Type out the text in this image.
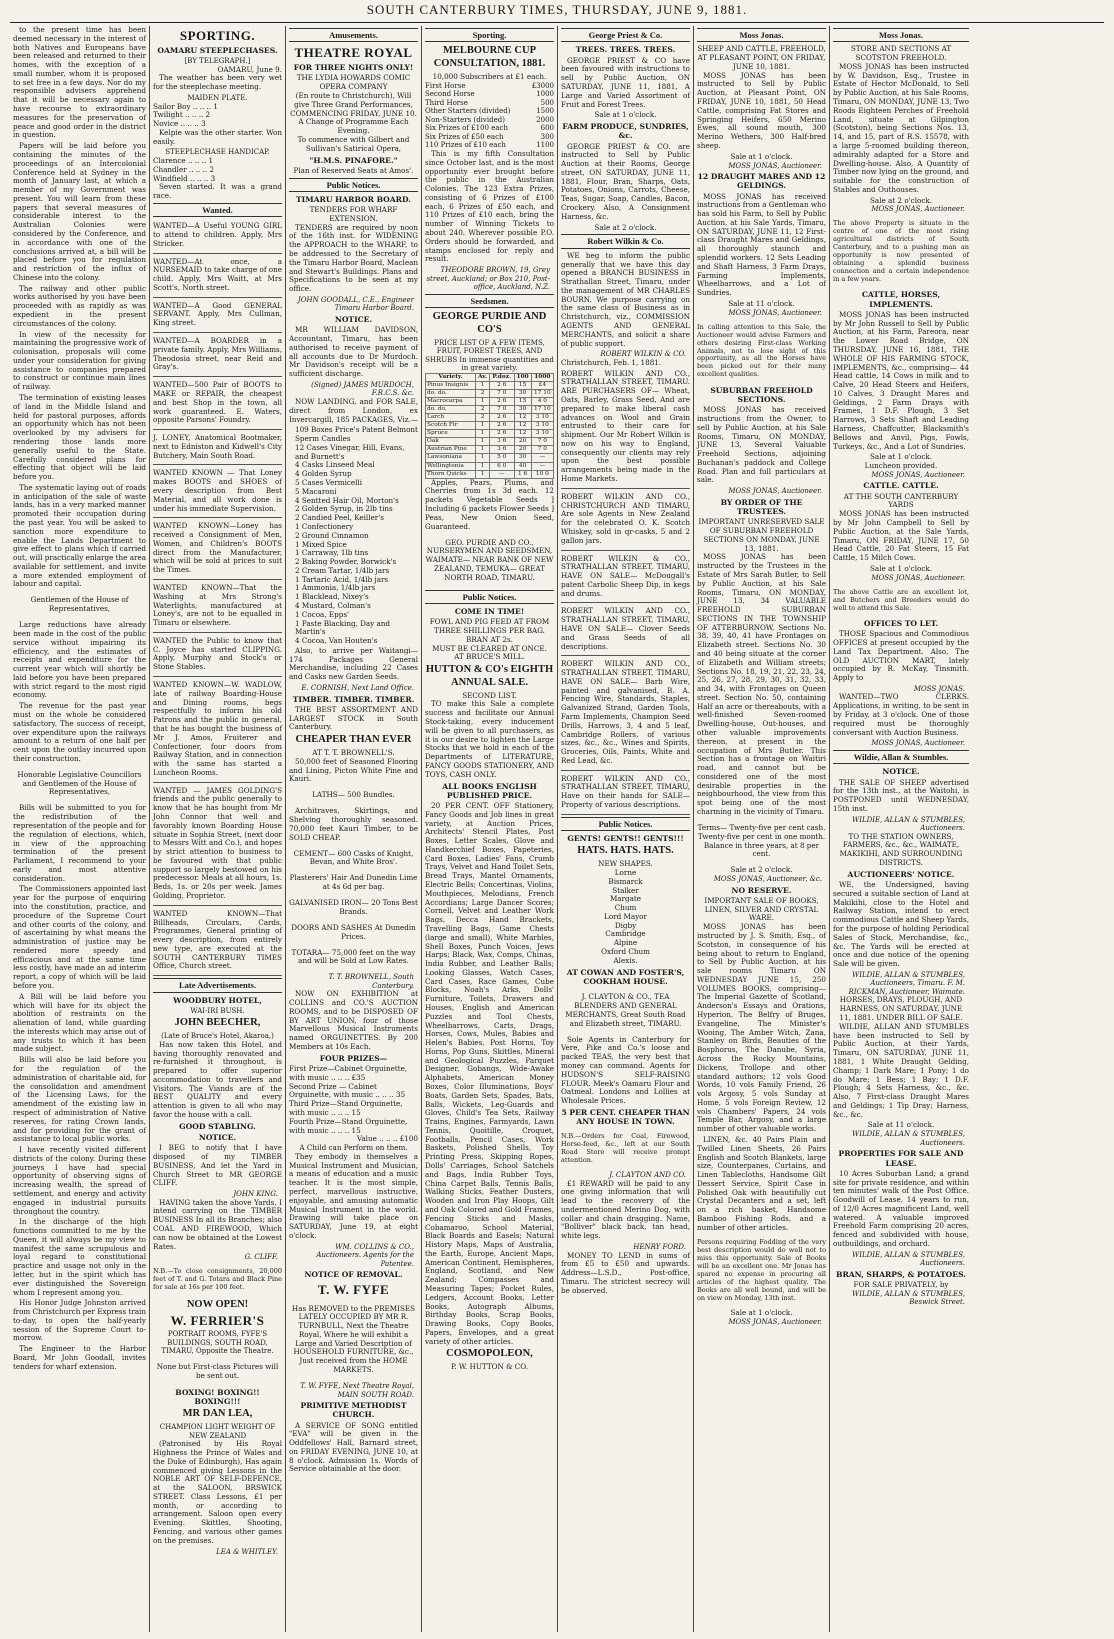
SOUTH CANTERBURY TIMES, THURSDAY, JUNE 9, 1881.

to the present time has been deemed necessary in the interest of both Natives and Europeans have been released and returned to their homes, with the exception of a small number, whom it is proposed to set free in a few days. Nor do my responsible advisers apprehend that it will be necessary again to have recourse to extraordinary measures for the preservation of peace and good order in the district in question.

Papers will be laid before you containing the minutes of the proceedings of an Intercolonial Conference held at Sydney in the month of January last, at which a member of my Government was present. You will learn from these papers that several measures of considerable interest to the Australian Colonies were considered by the Conference, and in accordance with one of the conclusions arrived at, a bill will be placed before you for regulation and restriction of the influx of Chinese into the colony.

The railway and other public works authorised by you have been proceeded with as rapidly as was expedient in the present circumstances of the colony.

In view of the necessity for maintaining the progressive work of colonisation, proposals will come under your consideration for giving assistance to companies prepared to construct or continue main lines of railway.

The termination of existing leases of land in the Middle Island and held for pastoral purposes, affords an opportunity which has not been overlooked by my advisers for rendering those lands more generally useful to the State. Carefully considered plans for effecting that object will be laid before you.

The systematic laying out of roads in anticipation of the sale of waste lands, has in a very marked manner promoted their occupation during the past year. You will be asked to sanction more expenditure to enable the Lands Department to give effect to plans which if carried out, will practically enlarge the area available for settlement, and invite a more extended employment of labour and capital.

Gentlemen of the House of Representatives,

Large reductions have already been made in the cost of the public service without impairing its efficiency, and the estimates of receipts and expenditure for the current year which will shortly be laid before you have been prepared with strict regard to the most rigid economy.

The revenue for the past year must on the whole be considered satisfactory. The success of receipt, over expenditure upon the railways amount to a return of one half per cent upon the outlay incurred upon their construction.

Honorable Legislative Councillors and Gentlemen of the House of Representatives,

Bills will be submitted to you for the redistribution of the representation of the people and for the regulation of elections, which, in view of the approaching termination of the present Parliament, I recommend to your early and most attentive consideration.

The Commissioners appointed last year for the purpose of enquiring into the constitution, practice, and procedure of the Supreme Court and other courts of the colony, and of ascertaining by what means the administration of justice may be rendered more speedy and efficacious and at the same time less costly, have made an ad interim report, a copy of which will be laid before you.

A Bill will be laid before you which will have for its object the abolition of restraints on the alienation of land, while guarding the interests which may arise out of any trusts to which it has been made subject.

Bills will also be laid before you for the regulation of the administration of charitable aid, for the consolidation and amendment of the Licensing Laws, for the amendment of the existing law in respect of administration of Native reserves, for rating Crown lands, and for providing for the grant of assistance to local public works.

I have recently visited different districts of the colony. During these journeys I have had special opportunity of observing signs of increasing wealth, the spread of settlement, and energy and activity engaged in industrial pursuits throughout the country.

In the discharge of the high functions committed to me by the Queen, it will always be my view to manifest the same scrupulous and loyal regard to constitutional practice and usage not only in the letter, but in the spirit which has ever distinguished the Sovereign whom I represent among you.

His Honor Judge Johnston arrived from Christchurch per Express train to-day, to open the half-yearly session of the Supreme Court to-morrow.

The Engineer to the Harbor Board, Mr John Goodall, invites tenders for wharf extension.

SPORTING.
OAMARU STEEPLECHASES.
[BY TELEGRAPH.]
OAMARU, June 9.

The weather has been very wet for the steeplechase meeting.

MAIDEN PLATE.
Sailor Boy .. .. .. 1
Twilight .. .. .. 2
Novice .. .. .. 3

Kelpie was the other starter. Won easily.

STEEPLECHASE HANDICAP.
Clarence .. .. .. 1
Chandler .. .. .. 2
Windfield .. .. .. 3

Seven started. It was a grand race.

Wanted.

WANTED—A Useful YOUNG GIRL to attend to children. Apply, Mrs Stricker.

WANTED—At once, a NURSEMAID to take charge of one child. Apply, Mrs Waitt, at Mrs Scott's, North street.

WANTED—A Good GENERAL SERVANT. Apply, Mrs Cullman, King street.

WANTED—A BOARDER in a private family. Apply, Mrs Williams, Theodosia street, near Reid and Gray's.

WANTED—500 Pair of BOOTS to MAKE or REPAIR, the cheapest and best Shop in the town, all work guaranteed. E. Waters, opposite Parsons' Foundry.

J. LONEY, Anatomical Bootmaker, next to Edniston and Kidwell's City Butchery, Main South Road.

WANTED KNOWN — That Loney makes BOOTS and SHOES of every description from Best Material, and all work done is under his immediate Supervision.

WANTED KNOWN—Loney has received a Consignment of Men, Women, and Children's BOOTS direct from the Manufacturer, which will be sold at prices to suit the Times.

WANTED KNOWN—That the Washing at Mrs Strong's Waterlights, manufactured at Loney's, are not to be equalled in Timaru or elsewhere.

WANTED the Public to know that C. Joyce has started CLIPPING. Apply, Murphy and Stock's or Stone Stables.

WANTED KNOWN—W. WADLOW, late of railway Boarding-House and Dining rooms, begs respectfully to inform his old Patrons and the public in general, that he has bought the business of Mr J. Amos, Fruiterer and Confectioner, four doors from Railway Station, and in connection with the same has started a Luncheon Rooms.

WANTED — JAMES GOLDING'S friends and the public generally to know that he has bought from Mr John Connor that well and favorably known Boarding House situate in Sophia Street, (next door to Messrs Witt and Co.), and hopes by strict attention to business to be favoured with that public support so largely bestowed on his predecessor. Meals at all hours, 1s. Beds, 1s. or 20s per week. James Golding, Proprietor.

WANTED KNOWN—That Billheads, Circulars, Cards, Programmes, General printing of every description, from entirely new type, are executed at the SOUTH CANTERBURY TIMES Office, Church street.

Late Advertisements.
WOODBURY HOTEL,
WAI-IRI BUSH.
JOHN BEECHER,
(Late of Bruce's Hotel, Akaroa,)

Has now taken this Hotel, and having thoroughly renovated and re-furnished it throughout, is prepared to offer superior accommodation to travellers and Visitors. The Viands are of the BEST QUALITY and every attention is given to all who may favor the house with a call.

GOOD STABLING.
NOTICE.

I BEG to notify that I have disposed of my TIMBER BUSINESS, And let the Yard in Church Street to MR GEORGE CLIFF.

JOHN KING.

HAVING taken the above Yards, I intend carrying on the TIMBER BUSINESS In all its Branches; also COAL AND FIREWOOD, Which can now be obtained at the Lowest Rates.

G. CLIFF.

N.B.—To close consignments, 20,000 feet of T. and G. Totara and Black Pine for sale at 16s per 100 feet.

NOW OPEN!
W. FERRIER'S
PORTRAIT ROOMS, FYFE'S BUILDINGS, SOUTH ROAD, TIMARU, Opposite the Theatre.

None but First-class Pictures will be sent out.

BOXING! BOXING!! BOXING!!!
MR DAN LEA,
CHAMPION LIGHT WEIGHT OF NEW ZEALAND

(Patronised by His Royal Highness the Prince of Wales and the Duke of Edinburgh), Has again commenced giving Lessons in the NOBLE ART OF SELF-DEFENCE, at the SALOON, BRSWICK STREET. Class Lessons, £1 per month, or according to arrangement. Saloon open every Evening. Skittles, Shooting, Fencing, and various other games on the premises.

LEA & WHITLEY.
Amusements.
THEATRE ROYAL
FOR THREE NIGHTS ONLY!
THE LYDIA HOWARDS COMIC OPERA COMPANY
(En route to Christchurch), Will give Three Grand Performances, COMMENCING FRIDAY, JUNE 10.
A Change of Programme Each Evening.
To commence with Gilbert and Sullivan's Satirical Opera,
"H.M.S. PINAFORE."
Plan of Reserved Seats at Amos'.
Public Notices.
TIMARU HARBOR BOARD.
TENDERS FOR WHARF EXTENSION.

TENDERS are required by noon of the 16th inst. for WIDENING the APPROACH to the WHARF, to be addressed to the Secretary of the Timaru Harbor Board, Maclean and Stewart's Buildings. Plans and Specifications to be seen at my office.

JOHN GOODALL, C.E., Engineer Timaru Harbor Board.
NOTICE.

MR WILLIAM DAVIDSON, Accountant, Timaru, has been authorised to receive payment of all accounts due to Dr Murdoch. Mr Davidson's receipt will be a sufficient discharge.

(Signed) JAMES MURDOCH, F.R.C.S. &c.

NOW LANDING, and FOR SALE, direct from London, ex Invercargill, 185 PACKAGES, Viz.—

109 Boxes Price's Patent Belmont Sperm Candles
12 Cases Vinegar, Hill, Evans, and Burnett's
4 Casks Linseed Meal
4 Golden Syrup
5 Cases Vermicelli
5 Macaroni
4 Sentted Hair Oil, Morton's
2 Golden Syrup, in 2lb tins
2 Candied Peel, Keiller's
1 Confectionery
2 Ground Cinnamon
1 Mixed Spice
1 Carraway, 1lb tins
2 Baking Powder, Borwick's
2 Cream Tartar, 1/4lb jars
1 Tartaric Acid, 1/4lb jars
1 Ammonia, 1/4lb jars
1 Blacklead, Nixey's
4 Mustard, Colman's
1 Cocoa, Epps'
1 Paste Blacking, Day and Martin's
4 Cocoa, Van Houten's

Also, to arrive per Waitangi— 174 Packages General Merchandise, including 22 Cases and Casks new Garden Seeds.

E. CORNISH, Next Land Office.
TIMBER. TIMBER. TIMBER.

THE BEST ASSORTMENT AND LARGEST STOCK in South Canterbury.

CHEAPER THAN EVER
AT T. T. BROWNELL'S.

50,000 feet of Seasoned Flooring and Lining, Picton White Pine and Kauri.

LATHS— 500 Bundles.

Architraves, Skirtings, and Shelving thoroughly seasoned. 70,000 feet Kauri Timber, to be SOLD CHEAP.

CEMENT— 600 Casks of Knight, Bevan, and White Bros'.

Plasterers' Hair And Dunedin Lime at 4s 6d per bag.

GALVANISED IRON— 20 Tons Best Brands.

DOORS AND SASHES At Dunedin Prices.

TOTARA— 75,000 feet on the way and will be Sold at Low Rates.

T. T. BROWNELL, South Canterbury.

NOW ON EXHIBITION at COLLINS and CO.'S AUCTION ROOMS, and to be DISPOSED OF BY ART UNION, four of those Marvellous Musical Instruments named ORGUINETTES. By 200 Members at 10s Each.

FOUR PRIZES—
First Prize—Cabinet Orguinette, with music .. .. .. £35
Second Prize — Cabinet Orguinette, with music .. .. .. 35
Third Prize—Stand Orguinette, with music .. .. .. 15
Fourth Prize—Stand Orguinette, with music .. .. .. 15
Value .. .. .. £100
A Child can Perform on them.

They embody in themselves a Musical Instrument and Musician, a means of education and a music teacher. It is the most simple, perfect, marvellous instructive, enjoyable, and amusing automatic Musical Instrument in the world. Drawing will take place on SATURDAY, June 19, at eight o'clock.

WM. COLLINS & CO., Auctioneers. Agents for the Patentee.
NOTICE OF REMOVAL.
T. W. FYFE

Has REMOVED to the PREMISES LATELY OCCUPIED BY MR R. TURNBULL, Next the Theatre Royal, Where he will exhibit a Large and Varied Description of HOUSEHOLD FURNITURE, &c., Just received from the HOME MARKETS.

T. W. FYFE, Next Theatre Royal, MAIN SOUTH ROAD.
PRIMITIVE METHODIST CHURCH.

A SERVICE OF SONG entitled "EVA" will be given in the Oddfellows' Hall, Barnard street, on FRIDAY EVENING, JUNE 10, at 8 o'clock. Admission 1s. Words of Service obtainable at the door.

Sporting.
MELBOURNE CUP CONSULTATION, 1881.
10,000 Subscribers at £1 each.
First Horse	£3000
Second Horse	1000
Third Horse	500
Other Starters (divided)	1500
Non-Starters (divided)	2000
Six Prizes of £100 each	600
Six Prizes of £50 each	300
110 Prizes of £10 each	1100

This is my fifth Consultation since October last, and is the most opportunity ever brought before the public in the Australian Colonies. The 123 Extra Prizes, consisting of 6 Prizes of £100 each, 6 Prizes of £50 each, and 110 Prizes of £10 each, bring the number of Winning Tickets to about 240. Wherever possible P.O. Orders should be forwarded, and stamps enclosed for reply and result.

THEODORE BROWN, 19, Grey street, Auckland; or Box 210, Post-office, Auckland, N.Z.
Seedsmen.
GEORGE PURDIE AND CO'S
PRICE LIST OF A FEW ITEMS, FRUIT, FOREST TREES, AND SHRUBS In immense quantities and in great variety.
Variety.	Av.	P.doz.	100	1000
Pinus Insignis	1	2 6	15	£4
do. do.	2	7 0	30	17 10
Macrocarpa	1	2 6	15	4 0
do. do.	2	7 0	30	17 10
Larch	2	2 6	12	3 10
Scotch Fir	1	2 6	12	3 10
Spruce	1	2 6	12	3 10
Oak	1	3 6	20	7 0
Austrian Pine	1	3 6	20	7 0
Lawsoniana	1	5 0	30	—
Wellingtonia	1	6 0	40	—
Thorn Quicks	1	—	1 6	10 0

Apples, Pears, Plums, and Cherries from 1s 3d each. 12 packets Vegetable Seeds ] Including 6 packets Flower Seeds ] Peas, New Onion Seed, Guaranteed.

GEO. PURDIE AND CO., NURSERYMEN AND SEEDSMEN, WAIMATE— NEAR BANK OF NEW ZEALAND, TEMUKA— GREAT NORTH ROAD, TIMARU.

Public Notices.
COME IN TIME!
FOWL AND PIG FEED AT FROM THREE SHILLINGS PER BAG.
BRAN AT 2s.
MUST BE CLEARED AT ONCE.
AT BRUCE'S MILL.
HUTTON & CO's EIGHTH ANNUAL SALE.
SECOND LIST.

TO make this Sale a complete success and facilitate our Annual Stock-taking, every inducement will be given to all purchasers, as it is our desire to lighten the Large Stocks that we hold in each of the Departments of LITERATURE, FANCY GOODS STATIONERY, AND TOYS, CASH ONLY.

ALL BOOKS ENGLISH PUBLISHED PRICE.

20 PER CENT. OFF Stationery, Fancy Goods and Job lines in great variety, at Auction Prices, Architects' Stencil Plates, Post Boxes, Letter Scales, Glove and Handkerchief Boxes, Papeteries, Card Boxes, Ladies' Fans, Crumb Trays, Velvet and Hand Toilet Sets, Bread Trays, Mantel Ornaments, Electric Bells; Concertinas, Violins, Mouthpieces, Melodians, French Accordians; Large Dancer Scores; Cornell, Velvet and Leather Work Bags, Decca Hand Brackets, Travelling Bags, Game Chests (large and small), White Marbles, Shell Boxes, Punch Voices, Jews Harps; Black, Wax, Comps, Chinas, India Rubber, and Leather Balls; Looking Glasses, Watch Cases, Card Cases, Race Games, Cube Blocks, Noah's Arks, Dolls' Furniture, Toilets, Drawers and Houses, English and American Puzzles and Tool Chests, Wheelbarrows, Carts, Drags, Horses, Cows, Mules, Babies and Helen's Babies, Post Horns, Toy Horns, Pop Guns, Skittles, Mineral and Geological Puzzles, Parquet Designer, Gobangs, Wide-Awake Alphabets, American Money Boxes, Color Illuminations, Boys' Boats, Garden Sets, Spades, Bats, Balls, Wickets, Leg-Guards and Gloves, Child's Tea Sets, Railway Trains, Engines, Farmyards, Lawn Tennis, Quoitille, Croquet, Footballs, Pencil Cases, Work Baskets, Polished Shells, Toy Printing Press, Skipping Ropes, Dolls' Carriages, School Satchels and Bags, India Rubber Toys, China Carpet Balls, Tennis Balls, Walking Sticks, Feather Dusters, Wooden and Iron Play Hoops, Gilt and Oak Colored and Gold Frames, Fencing Sticks and Masks, Cobamaroo, School Material, Black Boards and Easels; Natural History Maps, Maps of Australia, the Earth, Europe, Ancient Maps, American Continent, Hemispheres, England, Scotland, and New Zealand; Compasses and Measuring Tapes; Pocket Rules, Ledgers, Account Books, Letter Books, Autograph Albums, Birthday Books, Scrap Books, Drawing Books, Copy Books, Papers, Envelopes, and a great variety of other articles.

COSMOPOLEON,
P. W. HUTTON & CO.
George Priest & Co.
TREES. TREES. TREES.

GEORGE PRIEST & CO have been favoured with instructions to sell by Public Auction, ON SATURDAY, JUNE 11, 1881, A Large and Varied Assortment of Fruit and Forest Trees.

Sale at 1 o'clock.
FARM PRODUCE, SUNDRIES, &c.

GEORGE PRIEST & CO. are instructed to Sell by Public Auction at their Rooms, George street, ON SATURDAY, JUNE 11, 1881, Flour, Bran, Sharps, Oats, Potatoes, Onions, Carrots, Cheese, Teas, Sugar, Soap, Candles, Bacon, Crockery. Also, A Consignment Harness, &c.

Sale at 2 o'clock.
Robert Wilkin & Co.

WE beg to inform the public generally that we have this day opened a BRANCH BUSINESS in Strathallan Street, Timaru, under the management of MR CHARLES BOURN. We purpose carrying on the same class of Business as in Christchurch, viz., COMMISSION AGENTS AND GENERAL MERCHANTS, and solicit a share of public support.

ROBERT WILKIN & CO.
Christchurch, Feb. 1, 1881.

ROBERT WILKIN AND CO., STRATHALLAN STREET, TIMARU. ARE PURCHASERS OF— Wheat, Oats, Barley, Grass Seed, And are prepared to make liberal cash advances on Wool and Grain entrusted to their care for shipment. Our Mr Robert Wilkin is now on his way to England, consequently our clients may rely upon the best possible arrangements being made in the Home Markets.

ROBERT WILKIN AND CO., CHRISTCHURCH AND TIMARU, Are sole Agents in New Zealand for the celebrated O. K. Scotch Whiskey, sold in qr-casks, 5 and 2 gallon jars.

ROBERT WILKIN & CO., STRATHALLAN STREET, TIMARU, HAVE ON SALE— McDougall's patent Carbolic Sheep Dip, in kegs and drums.

ROBERT WILKIN AND CO., STRATHALLAN STREET, TIMARU, HAVE ON SALE— Clover Seeds and Grass Seeds of all descriptions.

ROBERT WILKIN AND CO., STRATHALLAN STREET, TIMARU, HAVE ON SALE— Barb Wire, painted and galvanised, B. A. Fencing Wire, Standards, Staples, Galvanized Strand, Garden Tools, Farm Implements, Champion Seed Drills, Harrows, 3, 4 and 5 leaf, Cambridge Rollers, of various sizes, &c., &c., Wines and Spirits, Groceries, Oils, Paints, White and Red Lead, &c.

ROBERT WILKIN AND CO., STRATHALLAN STREET, TIMARU, Have on their hands for SALE— Property of various descriptions.

Public Notices.
GENTS! GENTS!! GENTS!!!
HATS. HATS. HATS.
NEW SHAPES.
Lorne
Bismarck
Stalker
Margate
Chum
Lord Mayor
Digby
Cambridge
Alpine
Oxford Chum
Alexis.
AT COWAN AND FOSTER'S, COOKHAM HOUSE.

J. CLAYTON & CO., TEA BLENDERS AND GENERAL MERCHANTS, Great South Road and Elizabeth street, TIMARU.

Sole Agents in Canterbury for Vere, Pike and Co.'s loose and packed TEAS, the very best that money can command. Agents for HUDSON'S SELF-RAISING FLOUR. Meek's Oamaru Flour and Oatmeal. Londons and Lollies at Wholesale Prices.

5 PER CENT. CHEAPER THAN ANY HOUSE IN TOWN.

N.B.—Orders for Coal, Firewood, Horse-feed, &c., left at our South Road Store will receive prompt attention.

J. CLAYTON AND CO.

£1 REWARD will be paid to any one giving information that will lead to the recovery of the undermentioned Merino Dog, with collar and chain dragging. Name, "Bolliver" black back, tan head, white legs.

HENRY FORD.

MONEY TO LEND in sums of from £5 to £50 and upwards. Address—L.S.D., Post-office, Timaru. The strictest secrecy will be observed.

Moss Jonas.
SHEEP AND CATTLE, FREEHOLD, AT PLEASANT POINT, ON FRIDAY, JUNE 10, 1881.

MOSS JONAS has been instructed to Sell by Public Auction, at Pleasant Point, ON FRIDAY, JUNE 10, 1881, 50 Head Cattle, comprising Fat Stores and Springing Heifers, 650 Merino Ewes, all sound mouth, 300 Merino Wethers, 300 Half-bred sheep.

Sale at 1 o'clock.
MOSS JONAS, Auctioneer.
12 DRAUGHT MARES AND 12 GELDINGS.

MOSS JONAS has received instructions from a Gentleman who has sold his Farm, to Sell by Public Auction, at his Sale Yards, Timaru, ON SATURDAY, JUNE 11, 12 First-class Draught Mares and Geldings, all thoroughly staunch and splendid workers. 12 Sets Leading and Shaft Harness, 3 Farm Drays, Farming Implements, Wheelbarrows, and a Lot of Sundries.

Sale at 11 o'clock.
MOSS JONAS, Auctioneer.

In calling attention to this Sale, the Auctioneer would advise Farmers and others desiring First-class Working Animals, not to lose sight of this opportunity, as all the Horses have been picked out for their many excellent qualities.

SUBURBAN FREEHOLD SECTIONS.

MOSS JONAS has received instructions from the Owner, to sell by Public Auction, at his Sale Rooms, Timaru, ON MONDAY, JUNE 13, Several Valuable Freehold Sections, adjoining Buchanan's paddock and College Road. Plan and full particulars at sale.

MOSS JONAS, Auctioneer.
BY ORDER OF THE TRUSTEES.
IMPORTANT UNRESERVED SALE OF SUBURBAN FREEHOLD SECTIONS ON MONDAY, JUNE 13, 1881.

MOSS JONAS has been instructed by the Trustees in the Estate of Mrs Sarah Butler, to Sell by Public Auction, at his Sale Rooms, Timaru, ON MONDAY, JUNE 13, 34 VALUABLE FREEHOLD SUBURBAN SECTIONS IN THE TOWNSHIP OF ATTERBURNOW, Sections No. 38, 39, 40, 41 have Frontages on Elizabeth street. Sections No. 30 and 40 being situate at the corner of Elizabeth and William streets; Sections No. 18, 19, 21, 22, 23, 24, 25, 26, 27, 28, 29, 30, 31, 32, 33, and 34, with Frontages on Queen street. Section No. 50, containing Half an acre or thereabouts, with a well-finished Seven-roomed Dwelling-house, Out-houses, and other valuable improvements thereon, at present in the occupation of Mrs Butler. This Section has a frontage on Waitiri road, and cannot but be considered one of the most desirable properties in the neighbourhood, the view from this spot being one of the most charming in the vicinity of Timaru.

Terms— Twenty-five per cent cash. Twenty-five per cent in one month. Balance in three years, at 8 per cent.

Sale at 2 o'clock.
MOSS JONAS, Auctioneer, &c.
NO RESERVE.
IMPORTANT SALE OF BOOKS, LINEN, SILVER AND CRYSTAL WARE.

MOSS JONAS has been instructed by J. S. Smith, Esq., of Scotston, in consequence of his being about to return to England, to Sell by Public Auction, at his sale rooms Timaru ON WEDNESDAY JUNE 15, 250 VOLUMES BOOKS, comprising— The Imperial Gazette of Scotland, Anderson's Essays and Orations, Hyperion, The Belfry of Bruges, Evangeline, The Minister's Wooing, The Amber Witch, Zana, Stanley on Birds, Beauties of the Bosphorus, The Danube, Syria, Across the Rocky Mountains, Dickens, Trollope and other standard authors; 12 vols Good Words, 10 vols Family Friend, 26 vols Argosy, 5 vols Sunday at Home, 5 vols Foreign Review, 12 vols Chambers' Papers, 24 vols Temple Bar, Argosy, and a large number of other valuable works.

LINEN, &c. 40 Pairs Plain and Twilled Linen Sheets, 26 Pairs English and Scotch Blankets, large size, Counterpanes, Curtains, and Linen Tablecloths, Handsome Gilt Dessert Service, Spirit Case in Polished Oak with beautifully cut Crystal Decanters and a set, left on a rich basket, Handsome Bamboo Fishing Rods, and a number of other articles.

Persons requiring Fodding of the very best description would do well not to miss this opportunity. Sale of Books will be an excellent one. Mr Jonas has spared no expense in procuring all articles of the highest quality. The Books are all well bound, and will be on view on Monday, 13th inst.

Sale at 1 o'clock.
MOSS JONAS, Auctioneer.
Moss Jonas.
STORE AND SECTIONS AT SCOTSTON FREEHOLD.

MOSS JONAS has been instructed by W. Davidson, Esq., Trustee in Estate of Hector McDonald, to Sell by Public Auction, at his Sale Rooms, Timaru, ON MONDAY, JUNE 13, Two Roods Eighteen Perches of Freehold Land, situate at Gilpington (Scotston), being Sections Nos. 13, 14, and 15, part of R.S. 15578, with a large 5-roomed building thereon, admirably adapted for a Store and Dwelling-house. Also, A Quantity of Timber now lying on the ground, and suitable for the construction of Stables and Outhouses.

Sale at 2 o'clock.
MOSS JONAS, Auctioneer.

The above Property is situate in the centre of one of the most rising agricultural districts of South Canterbury, and to a pushing man an opportunity is now presented of obtaining a splendid business connection and a certain independence in a few years.

CATTLE, HORSES, IMPLEMENTS.

MOSS JONAS has been instructed by Mr John Russell to Sell by Public Auction, at his Farm, Pareora, near the Lower Road Bridge, ON THURSDAY, JUNE 16, 1881, THE WHOLE OF HIS FARMING STOCK, IMPLEMENTS, &c., comprising— 44 Head cattle, 14 Cows in milk and to Calve, 20 Head Steers and Heifers, 10 Calves, 3 Draught Mares and Geldings, 2 Farm Drays with Frames, 1 D.F. Plough, 3 Set Harrows, 3 Sets Shaft and Leading Harness, Chaffcutter, Blacksmith's Bellows and Anvil, Pigs, Fowls, Turkeys, &c., And a Lot of Sundries.

Sale at 1 o'clock.
Luncheon provided.
MOSS JONAS, Auctioneer.
CATTLE. CATTLE.
AT THE SOUTH CANTERBURY YARDS

MOSS JONAS has been instructed by Mr John Campbell to Sell by Public Auction, at the Sale Yards, Timaru, ON FRIDAY, JUNE 17, 50 Head Cattle, 20 Fat Steers, 15 Fat Cattle, 15 Milch Cows.

Sale at 1 o'clock.
MOSS JONAS, Auctioneer.

The above Cattle are an excellent lot, and Butchers and Breeders would do well to attend this Sale.

OFFICES TO LET.

THOSE Spacious and Commodious OFFICES at present occupied by the Land Tax Department. Also, The OLD AUCTION MART, lately occupied by R. McKay, Tinsmith. Apply to

MOSS JONAS.

WANTED—TWO CLERKS. Applications, in writing, to be sent in by Friday, at 3 o'clock. One of those required must be thoroughly conversant with Auction Business.

MOSS JONAS, Auctioneer.
Wildie, Allan & Stumbles.
NOTICE.

THE SALE OF SHEEP advertised for the 13th inst., at the Waitohi, is POSTPONED until WEDNESDAY, 15th inst.

WILDIE, ALLAN & STUMBLES, Auctioneers.
TO THE STATION OWNERS, FARMERS, &c., &c., WAIMATE, MAKIKIHI, AND SURROUNDING DISTRICTS.
AUCTIONEERS' NOTICE.

WE, the Undersigned, having secured a suitable section of Land at Makikihi, close to the Hotel and Railway Station, intend to erect commodious Cattle and Sheep Yards, for the purpose of holding Periodical Sales of Stock, Merchandise, &c., &c. The Yards will be erected at once and due notice of the opening Sale will be given.

WILDIE, ALLAN & STUMBLES, Auctioneers, Timaru. F. M. RICKMAN, Auctioneer, Waimate.
HORSES, DRAYS, PLOUGH, AND HARNESS, ON SATURDAY, JUNE 11, 1881. UNDER BILL OF SALE.

WILDIE, ALLAN AND STUMBLES have been instructed to Sell by Public Auction, at their Yards, Timaru, ON SATURDAY, JUNE 11, 1881, 1 White Draught Gelding, Champ; 1 Dark Mare; 1 Pony; 1 do do Mare; 1 Bess; 1 Bay; 1 D.F. Plough; 4 Sets Harness, &c., &c. Also, 7 First-class Draught Mares and Geldings; 1 Tip Dray; Harness, &c., &c.

Sale at 11 o'clock.
WILDIE, ALLAN & STUMBLES, Auctioneers.
PROPERTIES FOR SALE AND LEASE.

10 Acres Suburban Land; a grand site for private residence, and within ten minutes' walk of the Post Office. Goodwill of Lease, 14 years to run, of 12/0 Acres magnificent Land, well watered. A valuable improved Freehold Farm comprising 20 acres, fenced and subdivided with house, outbuildings, and orchard.

WILDIE, ALLAN & STUMBLES, Auctioneers.
BRAN, SHARPS, & POTATOES.
FOR SALE PRIVATELY, by
WILDIE, ALLAN & STUMBLES, Beswick Street.
